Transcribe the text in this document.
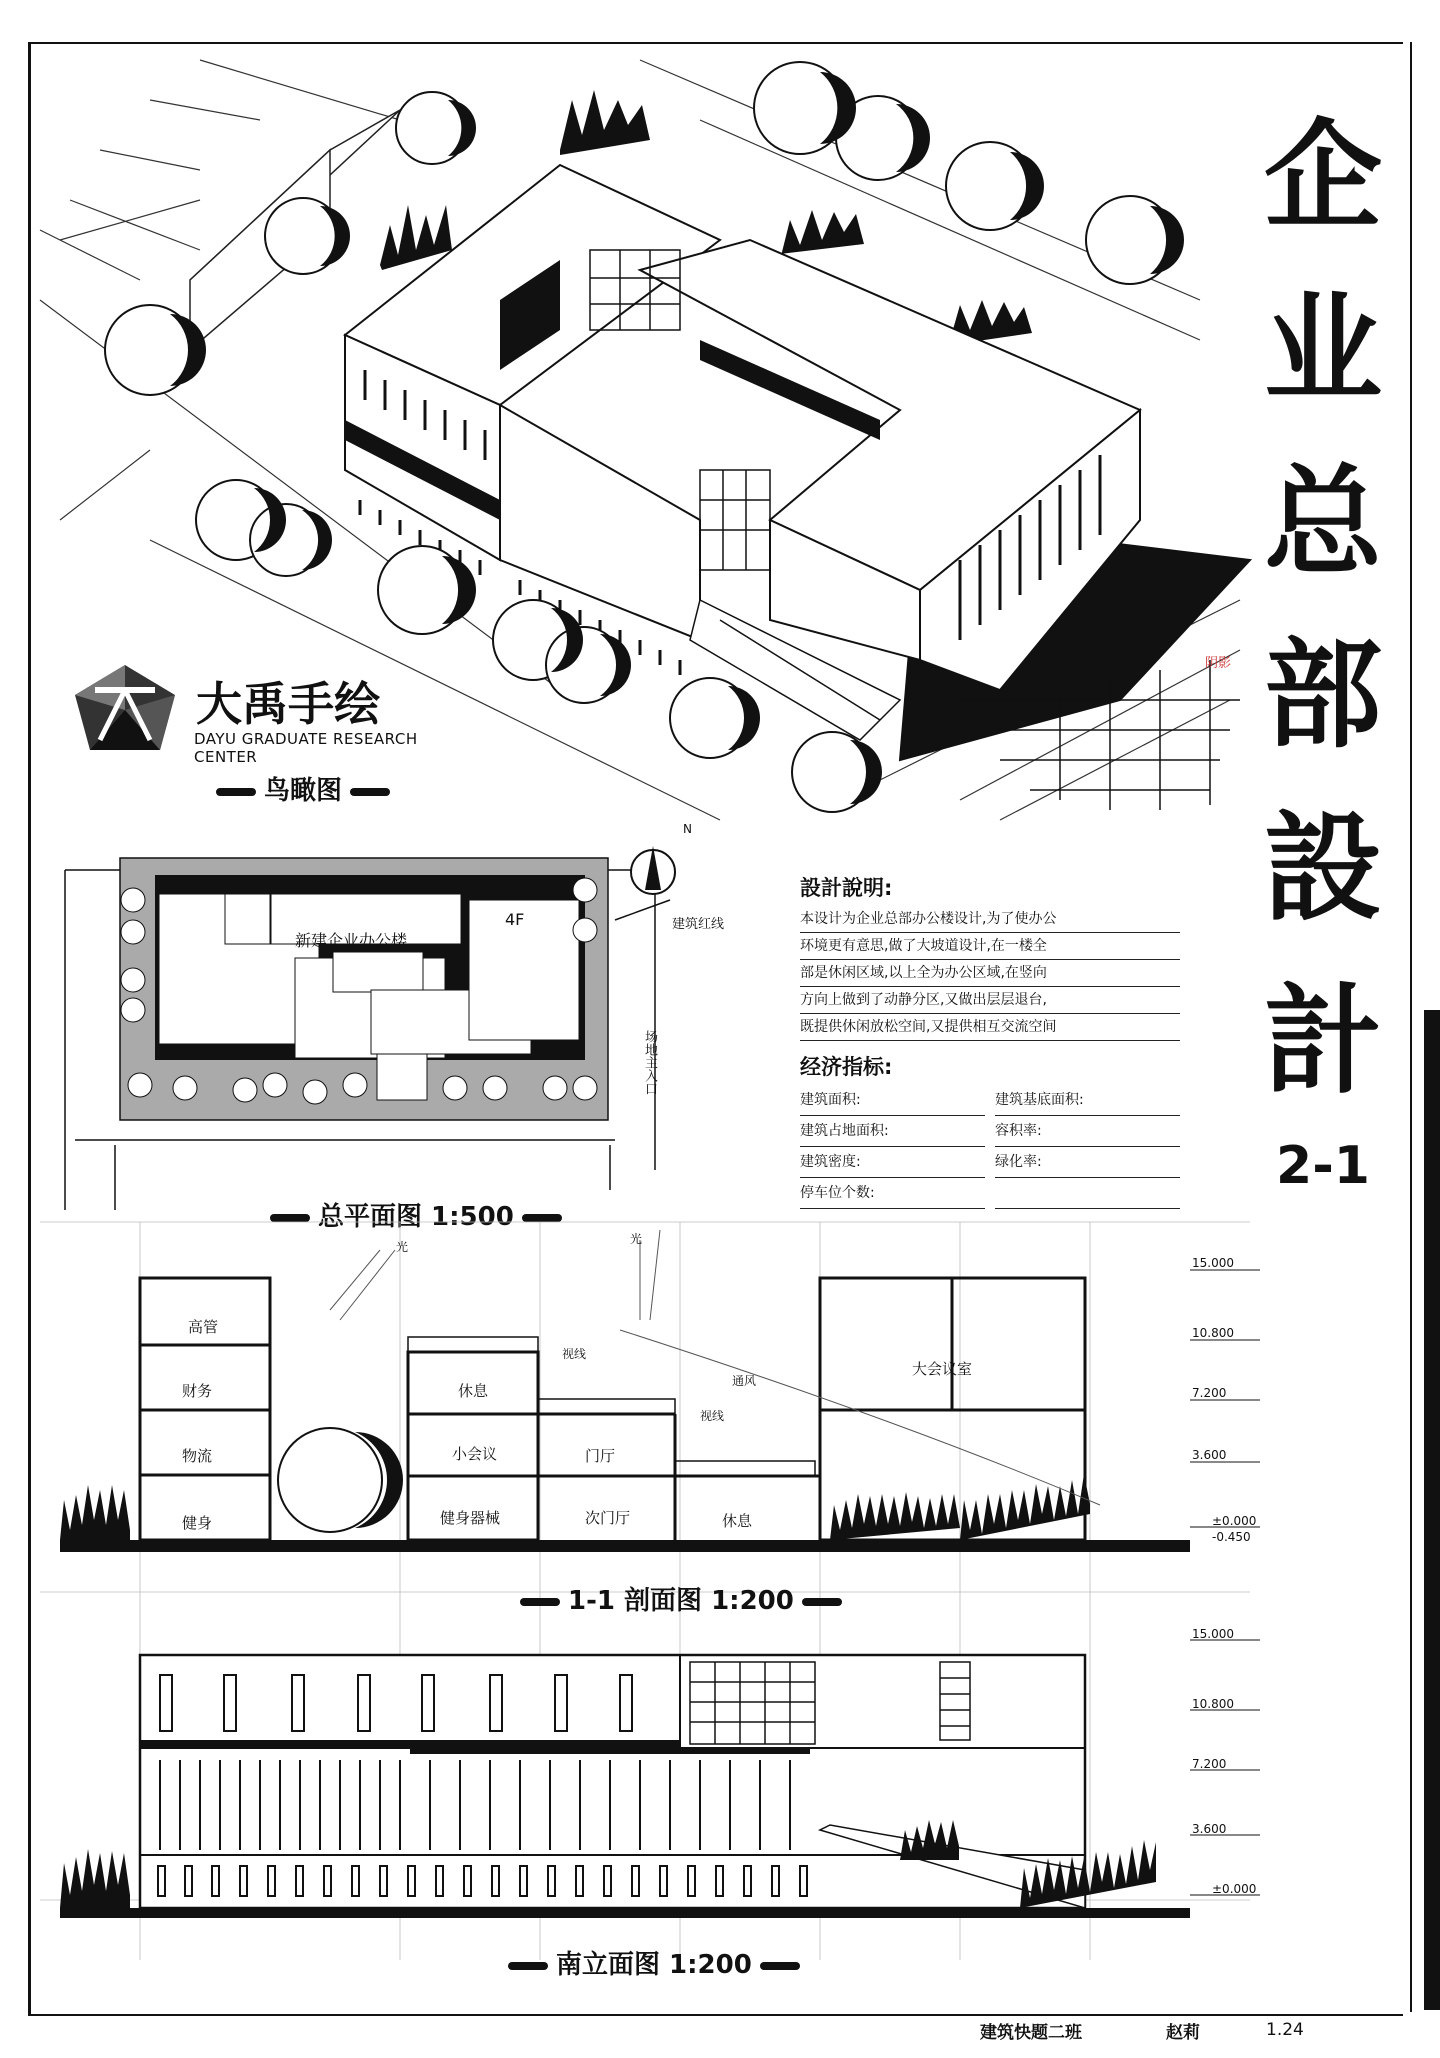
阴影
大禹手绘
DAYU GRADUATE RESEARCH CENTER
鸟瞰图
企
业
总
部
設
計
2-1
新建企业办公楼
4F	建筑红线
场地主入口
N
总平面图 1:500
設計說明:
本设计为企业总部办公楼设计,为了使办公
环境更有意思,做了大坡道设计,在一楼全
部是休闲区域,以上全为办公区域,在竖向
方向上做到了动静分区,又做出层层退台,
既提供休闲放松空间,又提供相互交流空间
经济指标:
建筑面积:	建筑基底面积:
建筑占地面积:	容积率:
建筑密度:	绿化率:
停车位个数:
高管
财务
物流
健身
休息
小会议	门厅
健身器械	次门厅	休息
大会议室
光
光
视线
视线
通风
15.000
10.800
7.200
3.600
±0.000
-0.450
1-1 剖面图 1:200
15.000
10.800
7.200
3.600
±0.000
南立面图 1:200
建筑快题二班	赵莉	1.24
